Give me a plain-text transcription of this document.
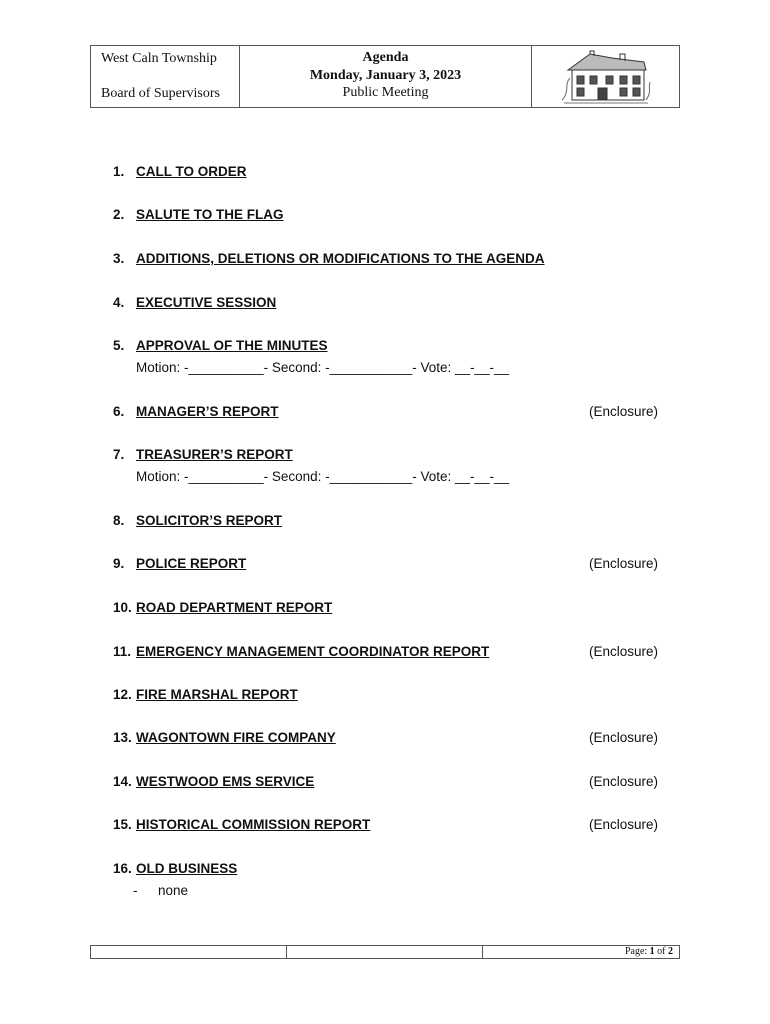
West Caln Township
Board of Supervisors
Agenda
Monday, January 3, 2023
Public Meeting
1. CALL TO ORDER
2. SALUTE TO THE FLAG
3. ADDITIONS, DELETIONS OR MODIFICATIONS TO THE AGENDA
4. EXECUTIVE SESSION
5. APPROVAL OF THE MINUTES
Motion: -__________- Second: -___________- Vote: __-__-__
6. MANAGER’S REPORT	(Enclosure)
7. TREASURER’S REPORT
Motion: -__________- Second: -___________- Vote: __-__-__
8. SOLICITOR’S REPORT
9. POLICE REPORT	(Enclosure)
10. ROAD DEPARTMENT REPORT
11. EMERGENCY MANAGEMENT COORDINATOR REPORT	(Enclosure)
12. FIRE MARSHAL REPORT
13. WAGONTOWN FIRE COMPANY	(Enclosure)
14. WESTWOOD EMS SERVICE	(Enclosure)
15. HISTORICAL COMMISSION REPORT	(Enclosure)
16. OLD BUSINESS
- none
Page: 1 of 2
